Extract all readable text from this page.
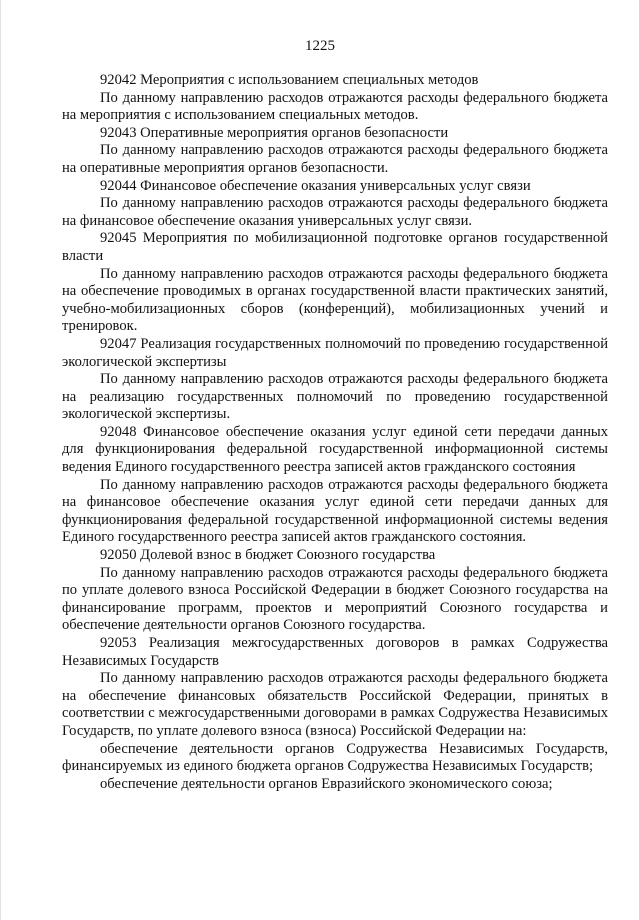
1225

92042 Мероприятия с использованием специальных методов

По данному направлению расходов отражаются расходы федерального бюджета на мероприятия с использованием специальных методов.

92043 Оперативные мероприятия органов безопасности

По данному направлению расходов отражаются расходы федерального бюджета на оперативные мероприятия органов безопасности.

92044 Финансовое обеспечение оказания универсальных услуг связи

По данному направлению расходов отражаются расходы федерального бюджета на финансовое обеспечение оказания универсальных услуг связи.

92045 Мероприятия по мобилизационной подготовке органов государственной власти

По данному направлению расходов отражаются расходы федерального бюджета на обеспечение проводимых в органах государственной власти практических занятий, учебно-мобилизационных сборов (конференций), мобилизационных учений и тренировок.

92047 Реализация государственных полномочий по проведению государственной экологической экспертизы

По данному направлению расходов отражаются расходы федерального бюджета на реализацию государственных полномочий по проведению государственной экологической экспертизы.

92048 Финансовое обеспечение оказания услуг единой сети передачи данных для функционирования федеральной государственной информационной системы ведения Единого государственного реестра записей актов гражданского состояния

По данному направлению расходов отражаются расходы федерального бюджета на финансовое обеспечение оказания услуг единой сети передачи данных для функционирования федеральной государственной информационной системы ведения Единого государственного реестра записей актов гражданского состояния.

92050 Долевой взнос в бюджет Союзного государства

По данному направлению расходов отражаются расходы федерального бюджета по уплате долевого взноса Российской Федерации в бюджет Союзного государства на финансирование программ, проектов и мероприятий Союзного государства и обеспечение деятельности органов Союзного государства.

92053 Реализация межгосударственных договоров в рамках Содружества Независимых Государств

По данному направлению расходов отражаются расходы федерального бюджета на обеспечение финансовых обязательств Российской Федерации, принятых в соответствии с межгосударственными договорами в рамках Содружества Независимых Государств, по уплате долевого взноса (взноса) Российской Федерации на:

обеспечение деятельности органов Содружества Независимых Государств, финансируемых из единого бюджета органов Содружества Независимых Государств;

обеспечение деятельности органов Евразийского экономического союза;
